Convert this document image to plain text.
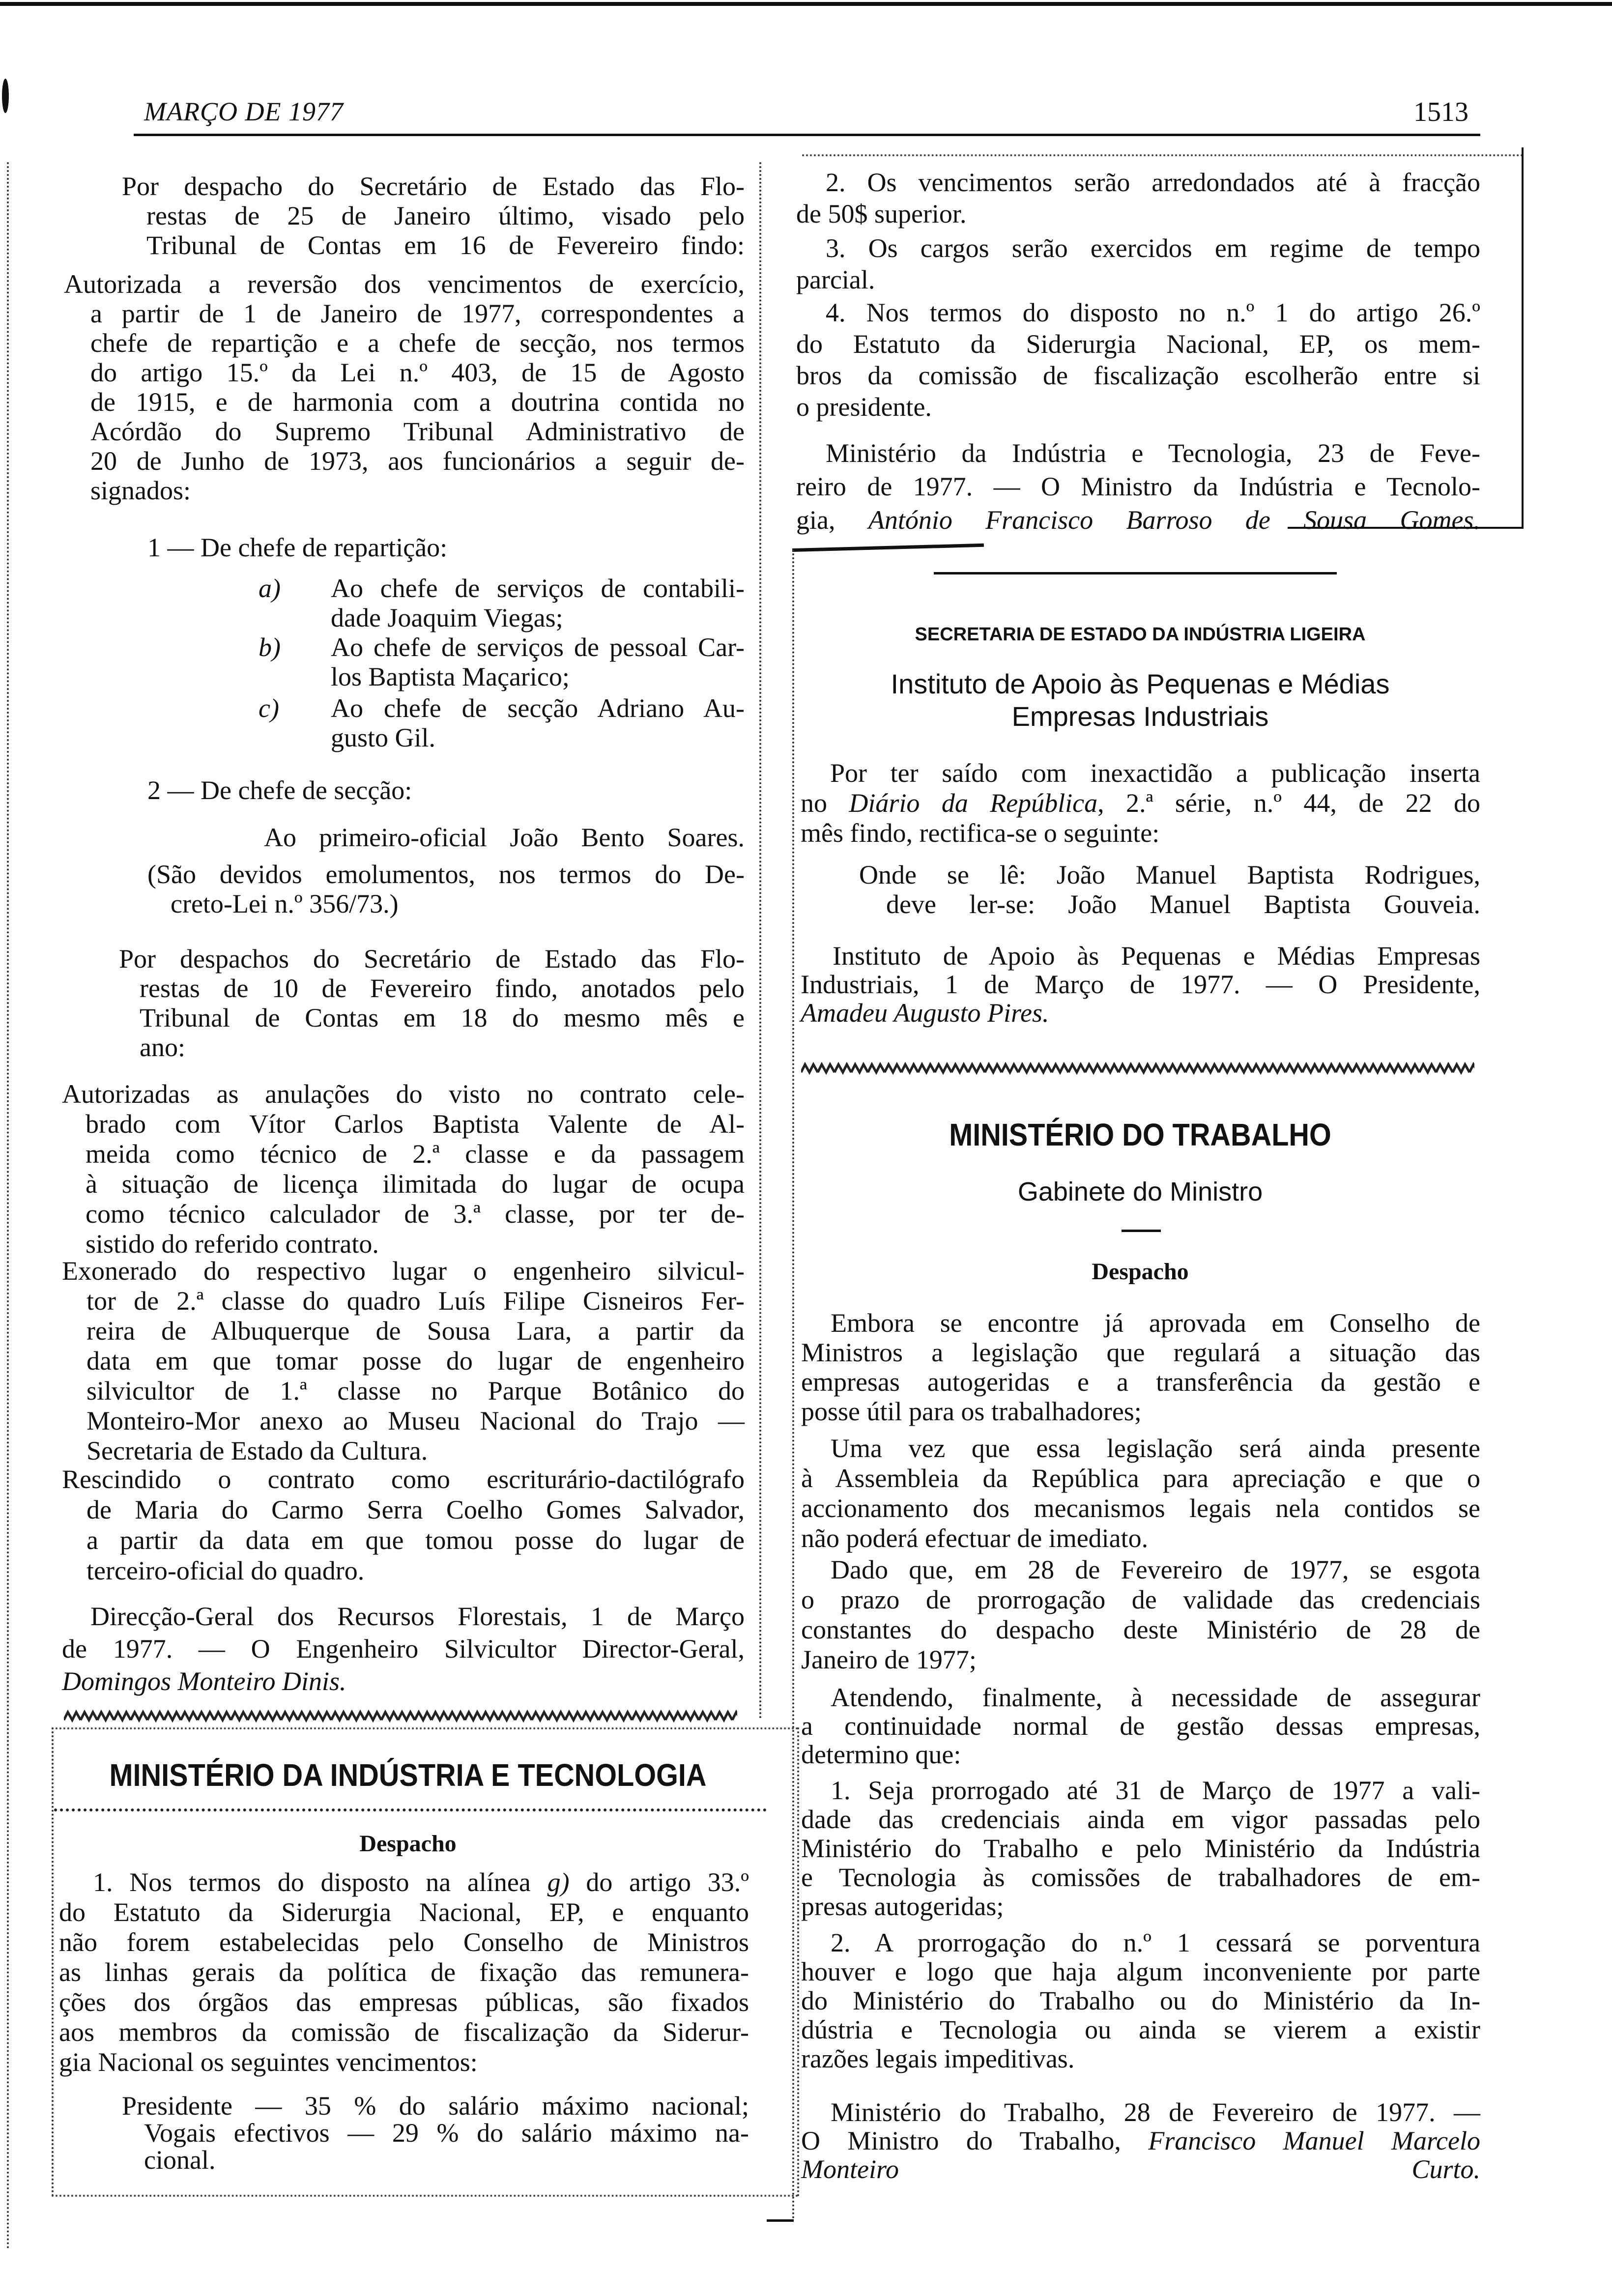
MARÇO DE 1977	1513
Por despacho do Secretário de Estado das Flo-
restas de 25 de Janeiro último, visado pelo
Tribunal de Contas em 16 de Fevereiro findo:
Autorizada a reversão dos vencimentos de exercício,
a partir de 1 de Janeiro de 1977, correspondentes a
chefe de repartição e a chefe de secção, nos termos
do artigo 15.º da Lei n.º 403, de 15 de Agosto
de 1915, e de harmonia com a doutrina contida no
Acórdão do Supremo Tribunal Administrativo de
20 de Junho de 1973, aos funcionários a seguir de-
signados:
1 — De chefe de repartição:
a)	Ao chefe de serviços de contabili-
dade Joaquim Viegas;
b)	Ao chefe de serviços de pessoal Car-
los Baptista Maçarico;
c)	Ao chefe de secção Adriano Au-
gusto Gil.
2 — De chefe de secção:
Ao primeiro-oficial João Bento Soares.
(São devidos emolumentos, nos termos do De-
creto-Lei n.º 356/73.)
Por despachos do Secretário de Estado das Flo-
restas de 10 de Fevereiro findo, anotados pelo
Tribunal de Contas em 18 do mesmo mês e
ano:
Autorizadas as anulações do visto no contrato cele-
brado com Vítor Carlos Baptista Valente de Al-
meida como técnico de 2.ª classe e da passagem
à situação de licença ilimitada do lugar de ocupa
como técnico calculador de 3.ª classe, por ter de-
sistido do referido contrato.
Exonerado do respectivo lugar o engenheiro silvicul-
tor de 2.ª classe do quadro Luís Filipe Cisneiros Fer-
reira de Albuquerque de Sousa Lara, a partir da
data em que tomar posse do lugar de engenheiro
silvicultor de 1.ª classe no Parque Botânico do
Monteiro-Mor anexo ao Museu Nacional do Trajo —
Secretaria de Estado da Cultura.
Rescindido o contrato como escriturário-dactilógrafo
de Maria do Carmo Serra Coelho Gomes Salvador,
a partir da data em que tomou posse do lugar de
terceiro-oficial do quadro.
Direcção-Geral dos Recursos Florestais, 1 de Março
de 1977. — O Engenheiro Silvicultor Director-Geral,
Domingos Monteiro Dinis.
MINISTÉRIO DA INDÚSTRIA E TECNOLOGIA
Despacho
1. Nos termos do disposto na alínea g) do artigo 33.º
do Estatuto da Siderurgia Nacional, EP, e enquanto
não forem estabelecidas pelo Conselho de Ministros
as linhas gerais da política de fixação das remunera-
ções dos órgãos das empresas públicas, são fixados
aos membros da comissão de fiscalização da Siderur-
gia Nacional os seguintes vencimentos:
Presidente — 35 % do salário máximo nacional;
Vogais efectivos — 29 % do salário máximo na-
cional.
2. Os vencimentos serão arredondados até à fracção
de 50$ superior.
3. Os cargos serão exercidos em regime de tempo
parcial.
4. Nos termos do disposto no n.º 1 do artigo 26.º
do Estatuto da Siderurgia Nacional, EP, os mem-
bros da comissão de fiscalização escolherão entre si
o presidente.
Ministério da Indústria e Tecnologia, 23 de Feve-
reiro de 1977. — O Ministro da Indústria e Tecnolo-
gia, António Francisco Barroso de Sousa Gomes.
SECRETARIA DE ESTADO DA INDÚSTRIA LIGEIRA
Instituto de Apoio às Pequenas e Médias
Empresas Industriais
Por ter saído com inexactidão a publicação inserta
no Diário da República, 2.ª série, n.º 44, de 22 do
mês findo, rectifica-se o seguinte:
Onde se lê: João Manuel Baptista Rodrigues,
deve ler-se: João Manuel Baptista Gouveia.
Instituto de Apoio às Pequenas e Médias Empresas
Industriais, 1 de Março de 1977. — O Presidente,
Amadeu Augusto Pires.
MINISTÉRIO DO TRABALHO
Gabinete do Ministro
Despacho
Embora se encontre já aprovada em Conselho de
Ministros a legislação que regulará a situação das
empresas autogeridas e a transferência da gestão e
posse útil para os trabalhadores;
Uma vez que essa legislação será ainda presente
à Assembleia da República para apreciação e que o
accionamento dos mecanismos legais nela contidos se
não poderá efectuar de imediato.
Dado que, em 28 de Fevereiro de 1977, se esgota
o prazo de prorrogação de validade das credenciais
constantes do despacho deste Ministério de 28 de
Janeiro de 1977;
Atendendo, finalmente, à necessidade de assegurar
a continuidade normal de gestão dessas empresas,
determino que:
1. Seja prorrogado até 31 de Março de 1977 a vali-
dade das credenciais ainda em vigor passadas pelo
Ministério do Trabalho e pelo Ministério da Indústria
e Tecnologia às comissões de trabalhadores de em-
presas autogeridas;
2. A prorrogação do n.º 1 cessará se porventura
houver e logo que haja algum inconveniente por parte
do Ministério do Trabalho ou do Ministério da In-
dústria e Tecnologia ou ainda se vierem a existir
razões legais impeditivas.
Ministério do Trabalho, 28 de Fevereiro de 1977. —
O Ministro do Trabalho, Francisco Manuel Marcelo
Monteiro Curto.
